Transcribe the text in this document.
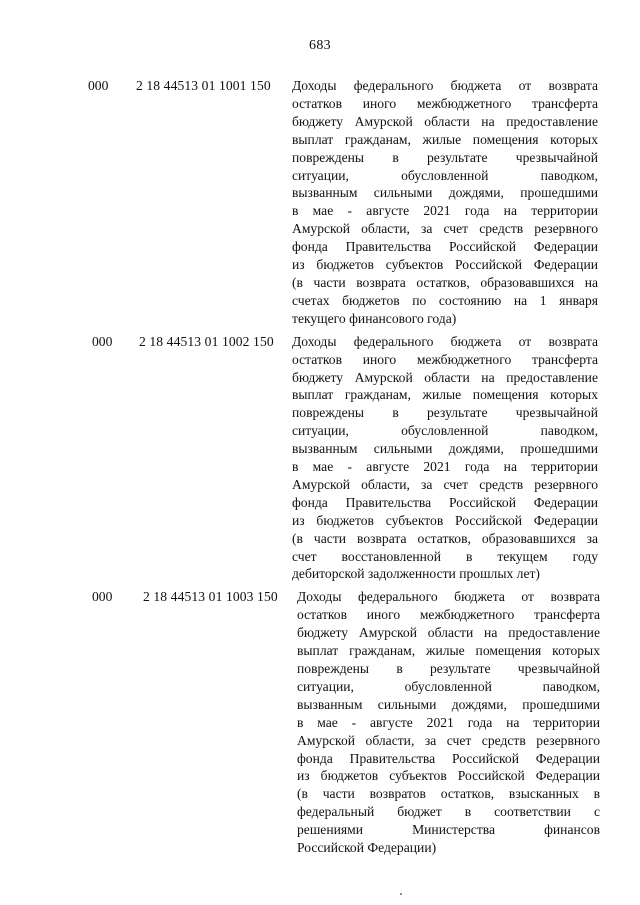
683
000 2 18 44513 01 1001 150 Доходы федерального бюджета от возврата
остатков иного межбюджетного трансферта
бюджету Амурской области на предоставление
выплат гражданам, жилые помещения которых
повреждены в результате чрезвычайной
ситуации, обусловленной паводком,
вызванным сильными дождями, прошедшими
в мае - августе 2021 года на территории
Амурской области, за счет средств резервного
фонда Правительства Российской Федерации
из бюджетов субъектов Российской Федерации
(в части возврата остатков, образовавшихся на
счетах бюджетов по состоянию на 1 января
текущего финансового года)
000 2 18 44513 01 1002 150 Доходы федерального бюджета от возврата
остатков иного межбюджетного трансферта
бюджету Амурской области на предоставление
выплат гражданам, жилые помещения которых
повреждены в результате чрезвычайной
ситуации, обусловленной паводком,
вызванным сильными дождями, прошедшими
в мае - августе 2021 года на территории
Амурской области, за счет средств резервного
фонда Правительства Российской Федерации
из бюджетов субъектов Российской Федерации
(в части возврата остатков, образовавшихся за
счет восстановленной в текущем году
дебиторской задолженности прошлых лет)
000 2 18 44513 01 1003 150 Доходы федерального бюджета от возврата
остатков иного межбюджетного трансферта
бюджету Амурской области на предоставление
выплат гражданам, жилые помещения которых
повреждены в результате чрезвычайной
ситуации, обусловленной паводком,
вызванным сильными дождями, прошедшими
в мае - августе 2021 года на территории
Амурской области, за счет средств резервного
фонда Правительства Российской Федерации
из бюджетов субъектов Российской Федерации
(в части возвратов остатков, взысканных в
федеральный бюджет в соответствии с
решениями Министерства финансов
Российской Федерации)
